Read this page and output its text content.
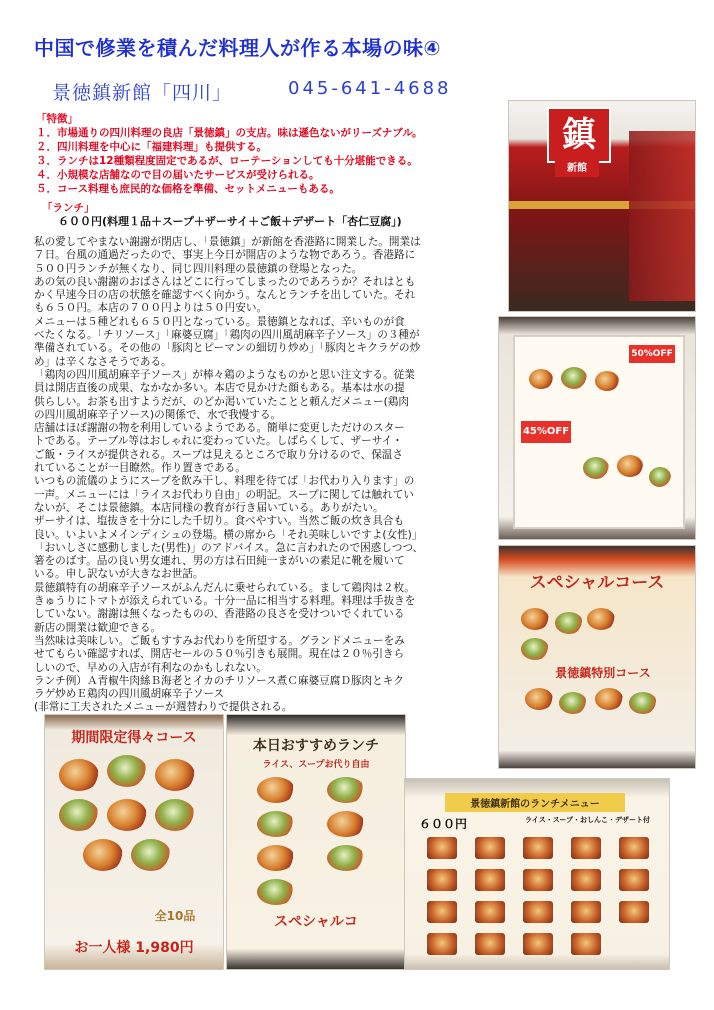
中国で修業を積んだ料理人が作る本場の味④
景徳鎮新館「四川」	045-641-4688
「特徴」
１．市場通りの四川料理の良店「景徳鎮」の支店。味は遜色ないがリーズナブル。
２．四川料理を中心に「福建料理」も提供する。
３．ランチは12種類程度固定であるが、ローテーションしても十分堪能できる。
４．小規模な店舗なので目の届いたサービスが受けられる。
５．コース料理も庶民的な価格を準備、セットメニューもある。
「ランチ」
６００円(料理１品＋スープ＋ザーサイ＋ご飯＋デザート「杏仁豆腐」)
私の愛してやまない謝謝が閉店し、「景徳鎮」が新館を香港路に開業した。開業は
７日。台風の通過だったので、事実上今日が開店のような物であろう。香港路に
５００円ランチが無くなり、同じ四川料理の景徳鎮の登場となった。
あの気の良い謝謝のおばさんはどこに行ってしまったのであろうか？それはとも
かく早速今日の店の状態を確認すべく向かう。なんとランチを出していた。それ
も６５０円。本店の７００円よりは５０円安い。
メニューは５種どれも６５０円となっている。景徳鎮となれば、辛いものが食
べたくなる。「チリソース」「麻婆豆腐」「鶏肉の四川風胡麻辛子ソース」の３種が
準備されている。その他の「豚肉とピーマンの細切り炒め」「豚肉とキクラゲの炒
め」は辛くなさそうである。
「鶏肉の四川風胡麻辛子ソース」が棒々鶏のようなものかと思い注文する。従業
員は開店直後の成果、なかなか多い。本店で見かけた顔もある。基本は水の提
供らしい。お茶も出すようだが、のどか渇いていたことと頼んだメニュー(鶏肉
の四川風胡麻辛子ソース)の関係で、水で我慢する。
店舗はほぼ謝謝の物を利用しているようである。簡単に変更しただけのスター
トである。テーブル等はおしゃれに変わっていた。しばらくして、ザーサイ・
ご飯・ライスが提供される。スープは見えるところで取り分けるので、保温さ
れていることが一目瞭然。作り置きである。
いつもの流儀のようにスープを飲み干し、料理を待てば「お代わり入ります」の
一声。メニューには「ライスお代わり自由」の明記。スープに関しては触れてい
ないが、そこは景徳鎮。本店同様の教育が行き届いている。ありがたい。
ザーサイは、塩抜きを十分にした千切り。食べやすい。当然ご飯の炊き具合も
良い。いよいよメインディシュの登場。横の席から「それ美味しいですよ(女性)」
「おいしさに感動しました(男性)」のアドバイス。急に言われたので困惑しつつ、
箸をのばす。品の良い男女連れ、男の方は石田純一まがいの素足に靴を履いて
いる。申し訳ないが大きなお世話。
景徳鎮特有の胡麻辛子ソースがふんだんに乗せられている。まして鶏肉は２枚。
きゅうりにトマトが添えられている。十分一品に相当する料理。料理は手抜きを
していない。謝謝は無くなったものの、香港路の良さを受けついでくれている
新店の開業は歓迎できる。
当然味は美味しい。ご飯もすすみお代わりを所望する。グランドメニューをみ
せてもらい確認すれば、開店セールの５０％引きも展開。現在は２０％引きら
しいので、早めの入店が有利なのかもしれない。
ランチ例）Ａ青椒牛肉絲Ｂ海老とイカのチリソース煮Ｃ麻婆豆腐Ｄ豚肉とキク
ラゲ炒めＥ鶏肉の四川風胡麻辛子ソース
(非常に工夫されたメニューが週替わりで提供される。
鎮
新館
50%OFF
45%OFF
スペシャルコース
景徳鎮特別コース
期間限定得々コース
全10品
お一人様 1,980円
本日おすすめランチ
ライス、スープお代り自由
スペシャルコ
景徳鎮新館のランチメニュー
６００円	ライス・スープ・おしんこ・デザート付
